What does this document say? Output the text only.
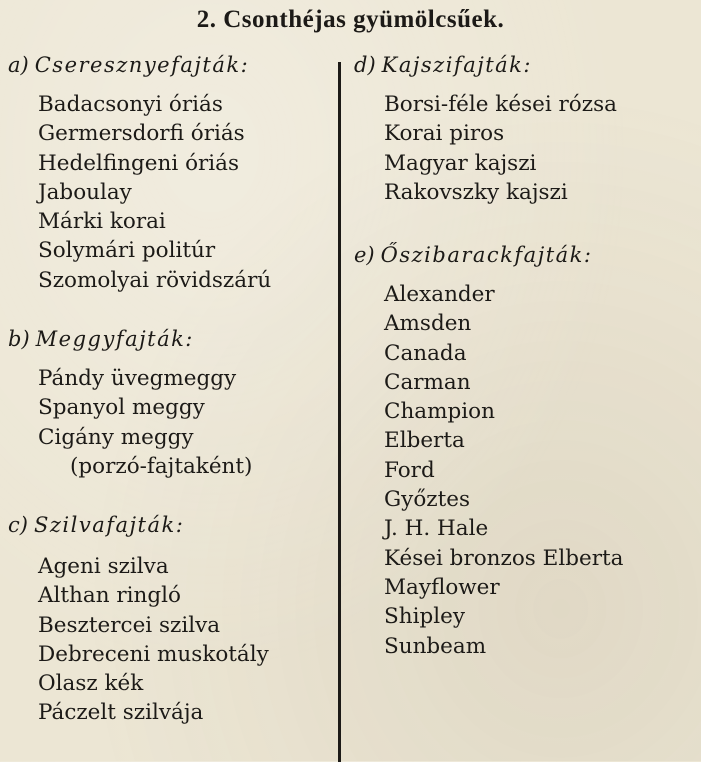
2. Csonthéjas gyümölcsűek.
a) Cseresznyefajták:
Badacsonyi óriás
Germersdorfi óriás
Hedelfingeni óriás
Jaboulay
Márki korai
Solymári politúr
Szomolyai rövidszárú
b) Meggyfajták:
Pándy üvegmeggy
Spanyol meggy
Cigány meggy
(porzó-fajtaként)
c) Szilvafajták:
Ageni szilva
Althan ringló
Besztercei szilva
Debreceni muskotály
Olasz kék
Páczelt szilvája
d) Kajszifajták:
Borsi-féle kései rózsa
Korai piros
Magyar kajszi
Rakovszky kajszi
e) Őszibarackfajták:
Alexander
Amsden
Canada
Carman
Champion
Elberta
Ford
Győztes
J. H. Hale
Kései bronzos Elberta
Mayflower
Shipley
Sunbeam
